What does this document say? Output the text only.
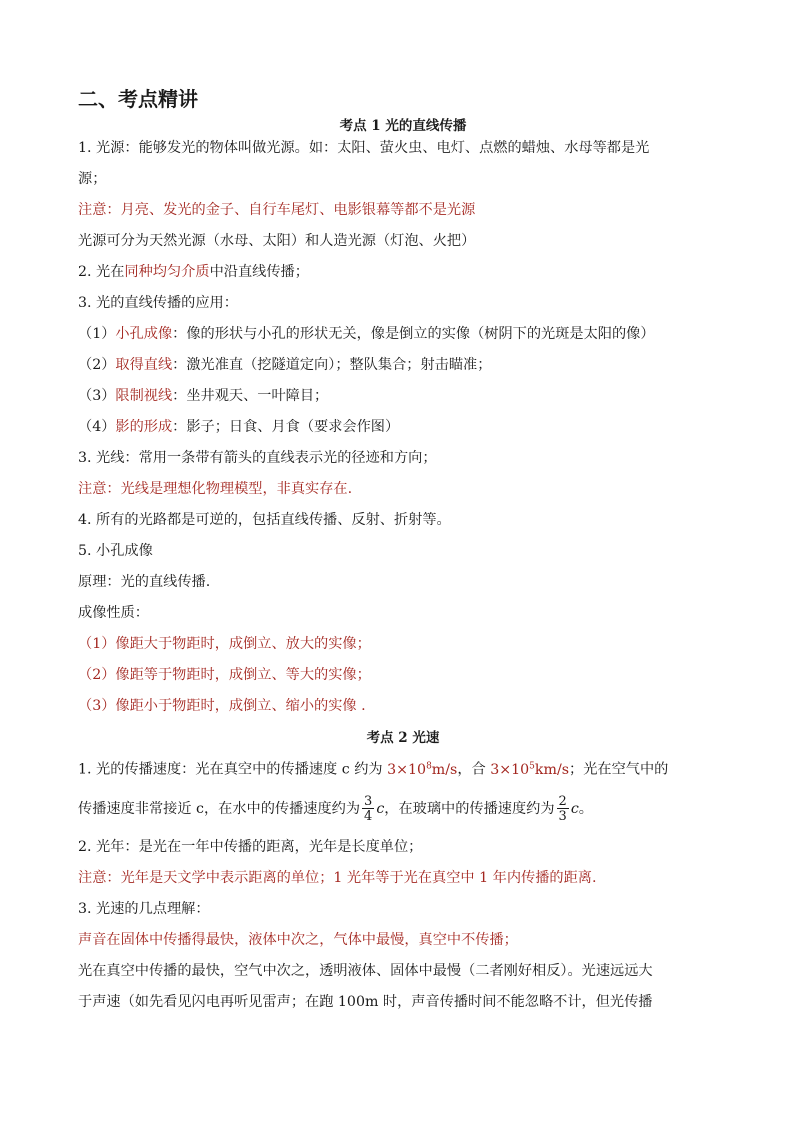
二、考点精讲

考点 1 光的直线传播

1. 光源：能够发光的物体叫做光源。如：太阳、萤火虫、电灯、点燃的蜡烛、水母等都是光

源；

注意：月亮、发光的金子、自行车尾灯、电影银幕等都不是光源

光源可分为天然光源（水母、太阳）和人造光源（灯泡、火把）

2. 光在同种均匀介质中沿直线传播；

3. 光的直线传播的应用：

（1）小孔成像：像的形状与小孔的形状无关，像是倒立的实像（树阴下的光斑是太阳的像）

（2）取得直线：激光准直（挖隧道定向）；整队集合；射击瞄准；

（3）限制视线：坐井观天、一叶障目；

（4）影的形成：影子；日食、月食（要求会作图）

3. 光线：常用一条带有箭头的直线表示光的径迹和方向；

注意：光线是理想化物理模型，非真实存在.

4. 所有的光路都是可逆的，包括直线传播、反射、折射等。

5. 小孔成像

原理：光的直线传播.

成像性质：

（1）像距大于物距时，成倒立、放大的实像；

（2）像距等于物距时，成倒立、等大的实像；

（3）像距小于物距时，成倒立、缩小的实像 .

考点 2 光速

1. 光的传播速度：光在真空中的传播速度 c 约为 $3\times 10^8m/s$，合 $3\times 10^5km/s$；光在空气中的

传播速度非常接近 c，在水中的传播速度约为 $\frac{3}{4}$ c ，在玻璃中的传播速度约为 $\frac{2}{3}$ c 。

2. 光年：是光在一年中传播的距离，光年是长度单位；

注意：光年是天文学中表示距离的单位；1 光年等于光在真空中 1 年内传播的距离.

3. 光速的几点理解：

声音在固体中传播得最快，液体中次之，气体中最慢，真空中不传播；

光在真空中传播的最快，空气中次之，透明液体、固体中最慢（二者刚好相反）。光速远远大

于声速（如先看见闪电再听见雷声；在跑 100m 时，声音传播时间不能忽略不计，但光传播
